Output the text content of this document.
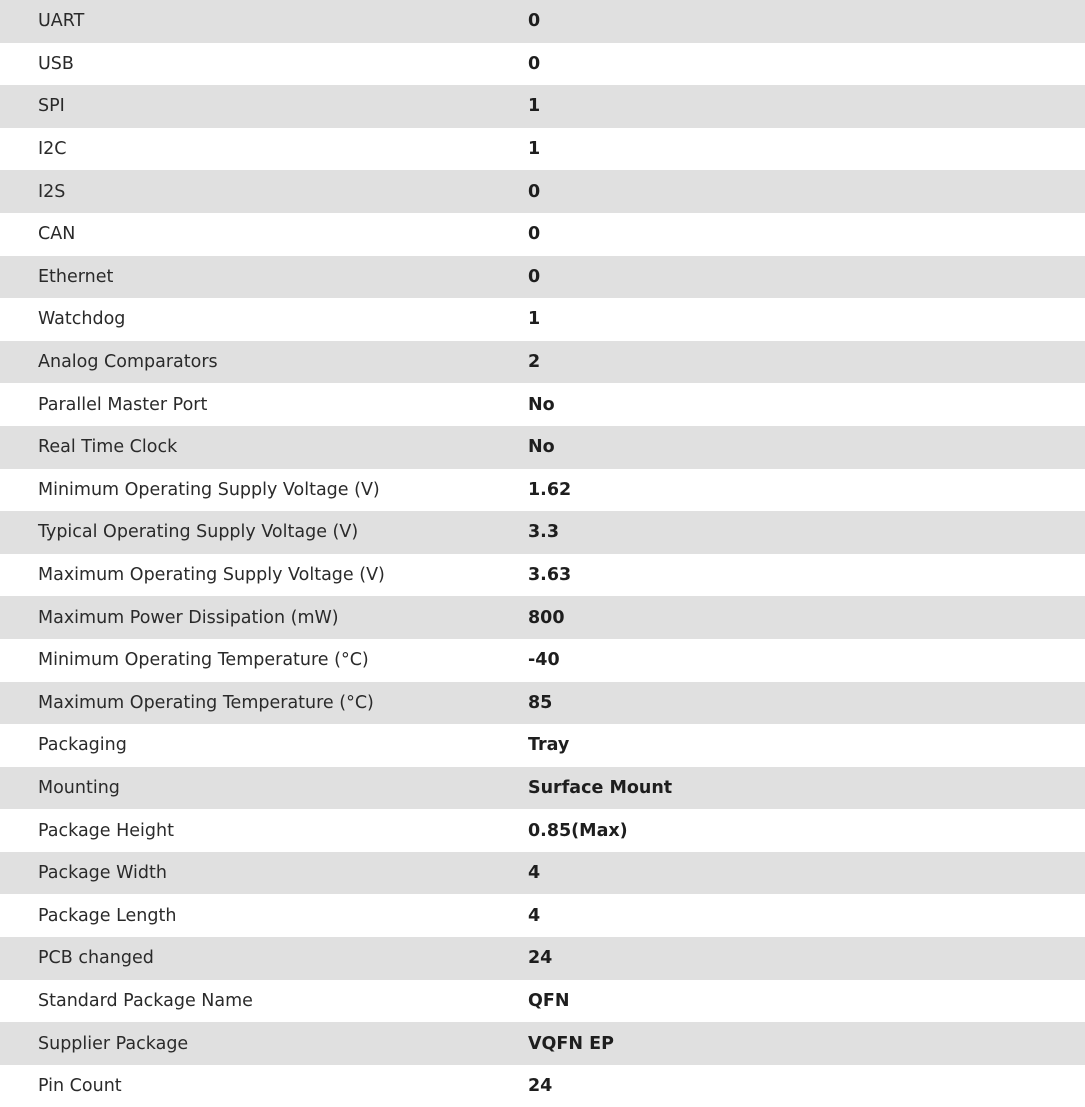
UART	0
USB	0
SPI	1
I2C	1
I2S	0
CAN	0
Ethernet	0
Watchdog	1
Analog Comparators	2
Parallel Master Port	No
Real Time Clock	No
Minimum Operating Supply Voltage (V)	1.62
Typical Operating Supply Voltage (V)	3.3
Maximum Operating Supply Voltage (V)	3.63
Maximum Power Dissipation (mW)	800
Minimum Operating Temperature (°C)	-40
Maximum Operating Temperature (°C)	85
Packaging	Tray
Mounting	Surface Mount
Package Height	0.85(Max)
Package Width	4
Package Length	4
PCB changed	24
Standard Package Name	QFN
Supplier Package	VQFN EP
Pin Count	24
